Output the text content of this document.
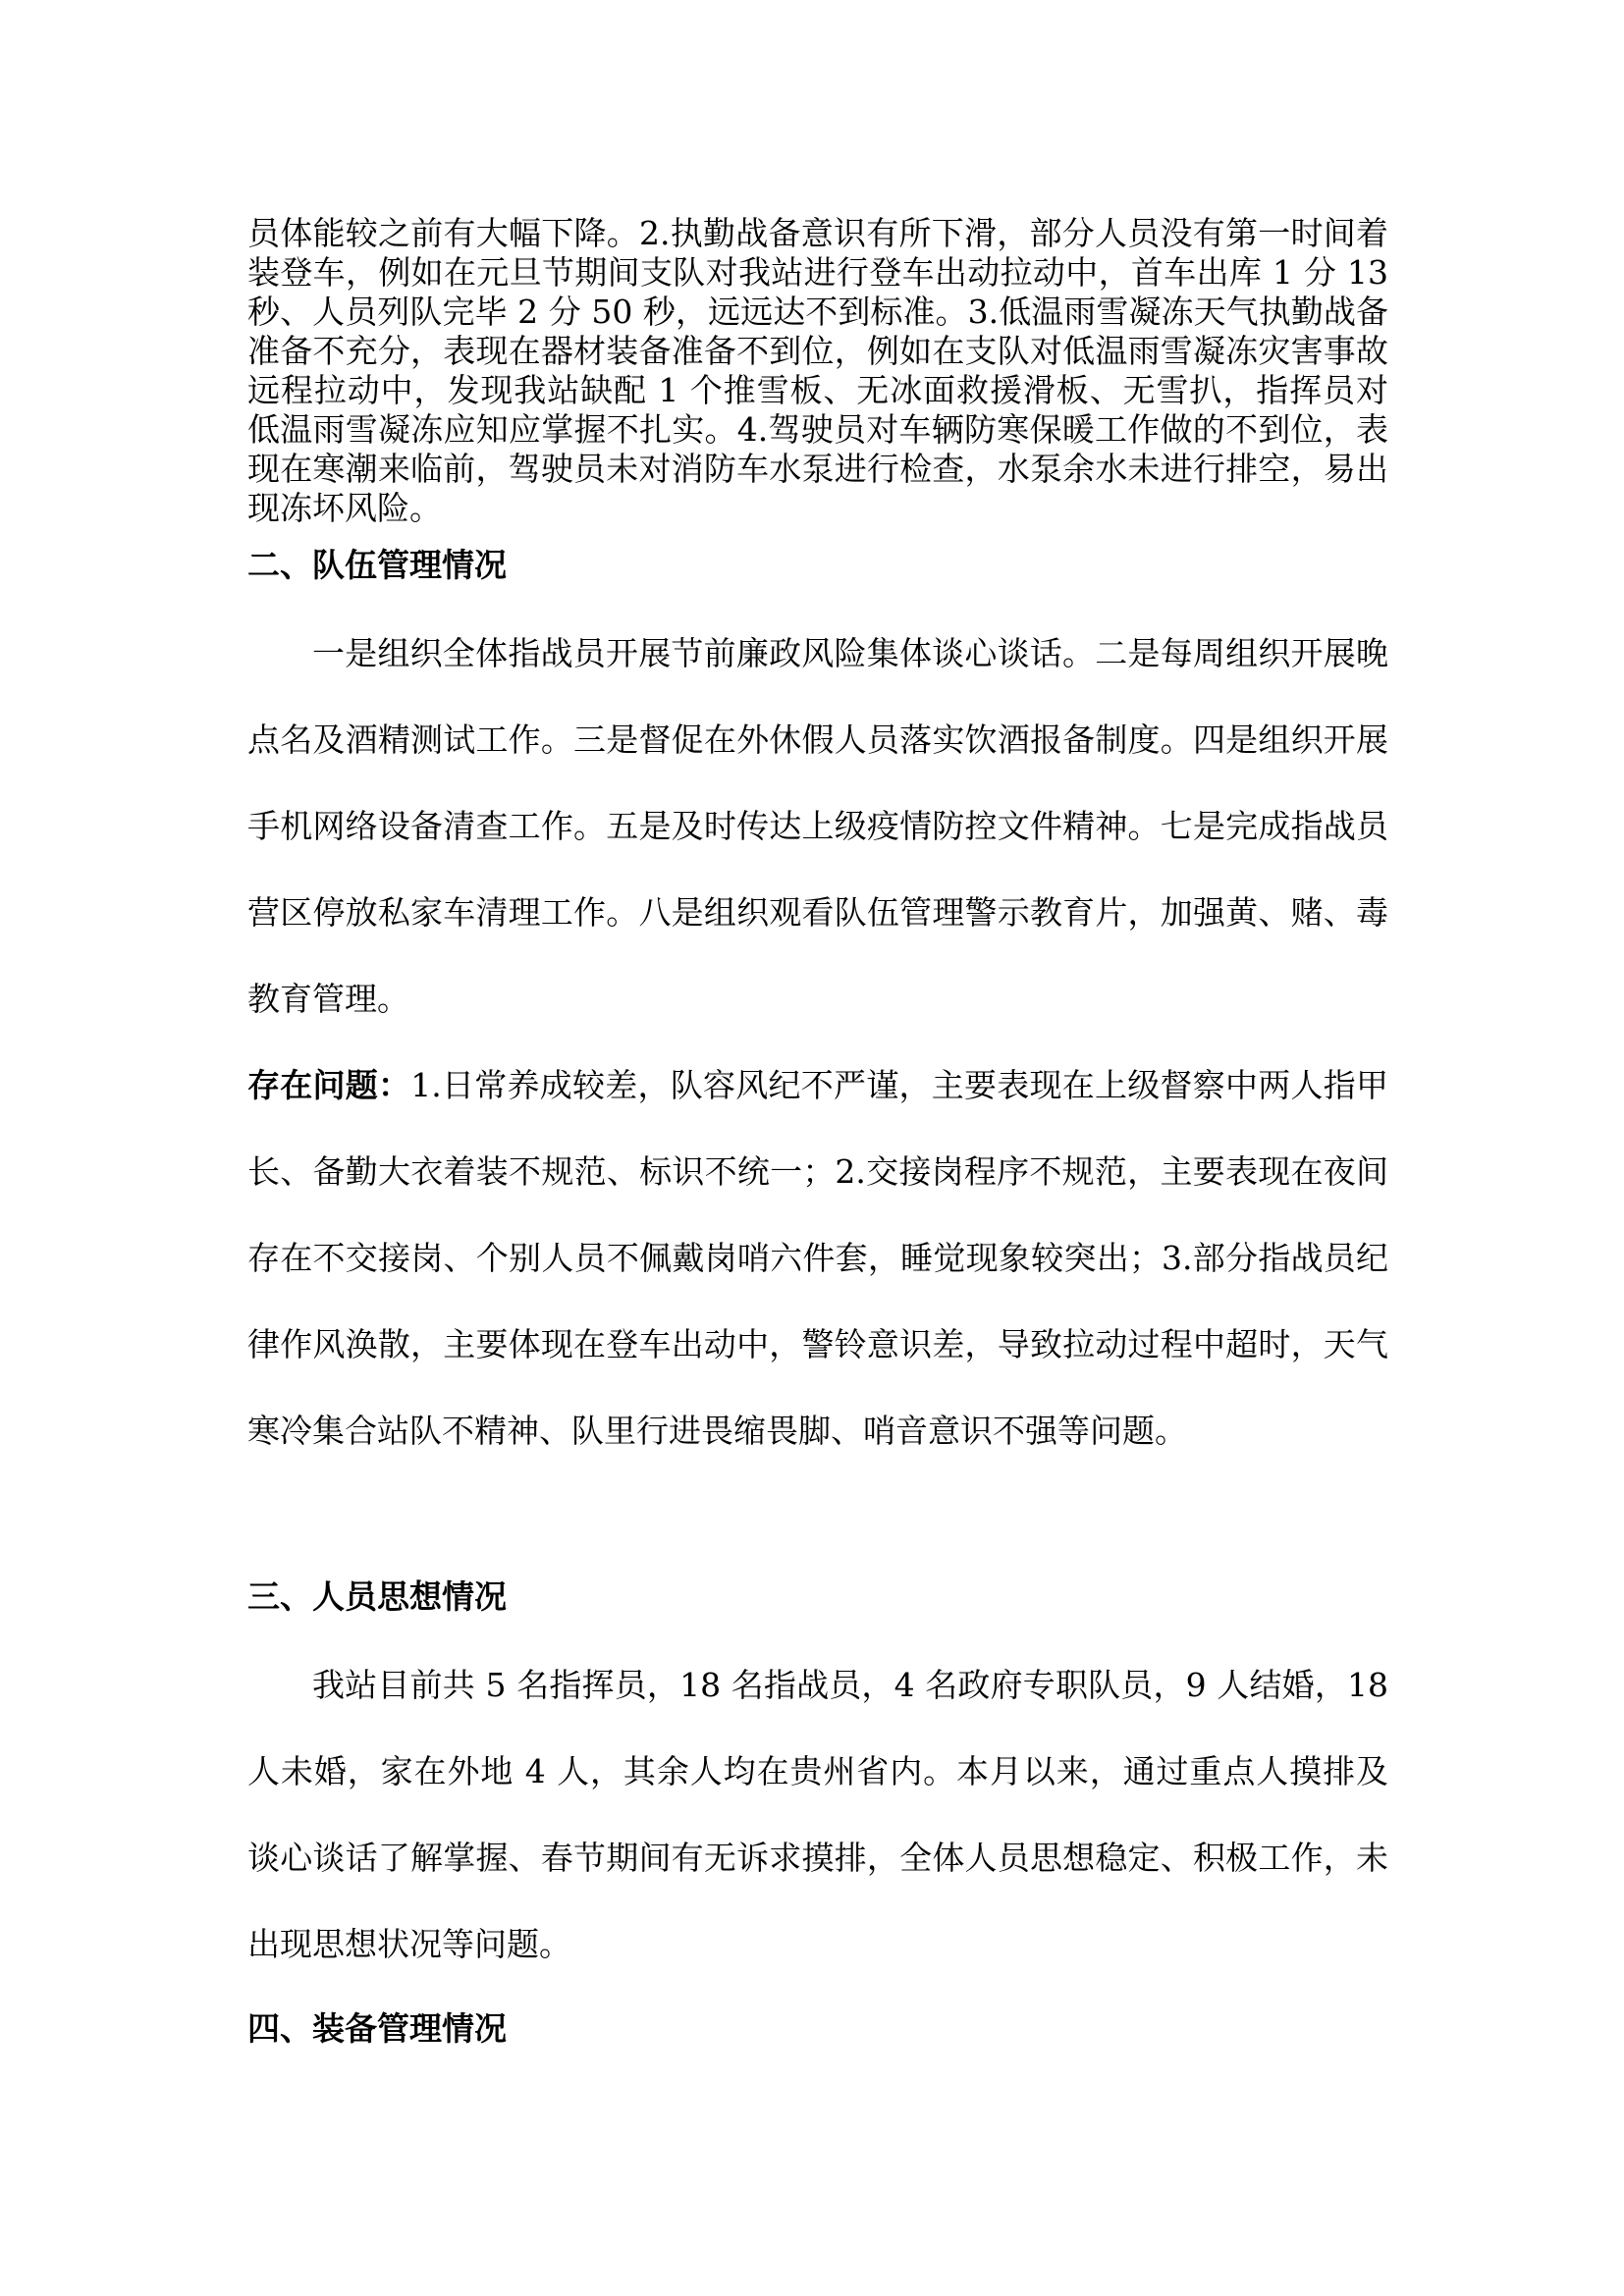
员体能较之前有大幅下降。2.执勤战备意识有所下滑，部分人员没有第一时间着装登车，例如在元旦节期间支队对我站进行登车出动拉动中，首车出库 1 分 13 秒、人员列队完毕 2 分 50 秒，远远达不到标准。3.低温雨雪凝冻天气执勤战备准备不充分，表现在器材装备准备不到位，例如在支队对低温雨雪凝冻灾害事故远程拉动中，发现我站缺配 1 个推雪板、无冰面救援滑板、无雪扒，指挥员对低温雨雪凝冻应知应掌握不扎实。4.驾驶员对车辆防寒保暖工作做的不到位，表现在寒潮来临前，驾驶员未对消防车水泵进行检查，水泵余水未进行排空，易出现冻坏风险。

二、队伍管理情况

一是组织全体指战员开展节前廉政风险集体谈心谈话。二是每周组织开展晚点名及酒精测试工作。三是督促在外休假人员落实饮酒报备制度。四是组织开展手机网络设备清查工作。五是及时传达上级疫情防控文件精神。七是完成指战员营区停放私家车清理工作。八是组织观看队伍管理警示教育片，加强黄、赌、毒教育管理。

存在问题：1.日常养成较差，队容风纪不严谨，主要表现在上级督察中两人指甲长、备勤大衣着装不规范、标识不统一；2.交接岗程序不规范，主要表现在夜间存在不交接岗、个别人员不佩戴岗哨六件套，睡觉现象较突出；3.部分指战员纪律作风涣散，主要体现在登车出动中，警铃意识差，导致拉动过程中超时，天气寒冷集合站队不精神、队里行进畏缩畏脚、哨音意识不强等问题。

三、人员思想情况

我站目前共 5 名指挥员，18 名指战员，4 名政府专职队员，9 人结婚，18 人未婚，家在外地 4 人，其余人均在贵州省内。本月以来，通过重点人摸排及谈心谈话了解掌握、春节期间有无诉求摸排，全体人员思想稳定、积极工作，未出现思想状况等问题。

四、装备管理情况
